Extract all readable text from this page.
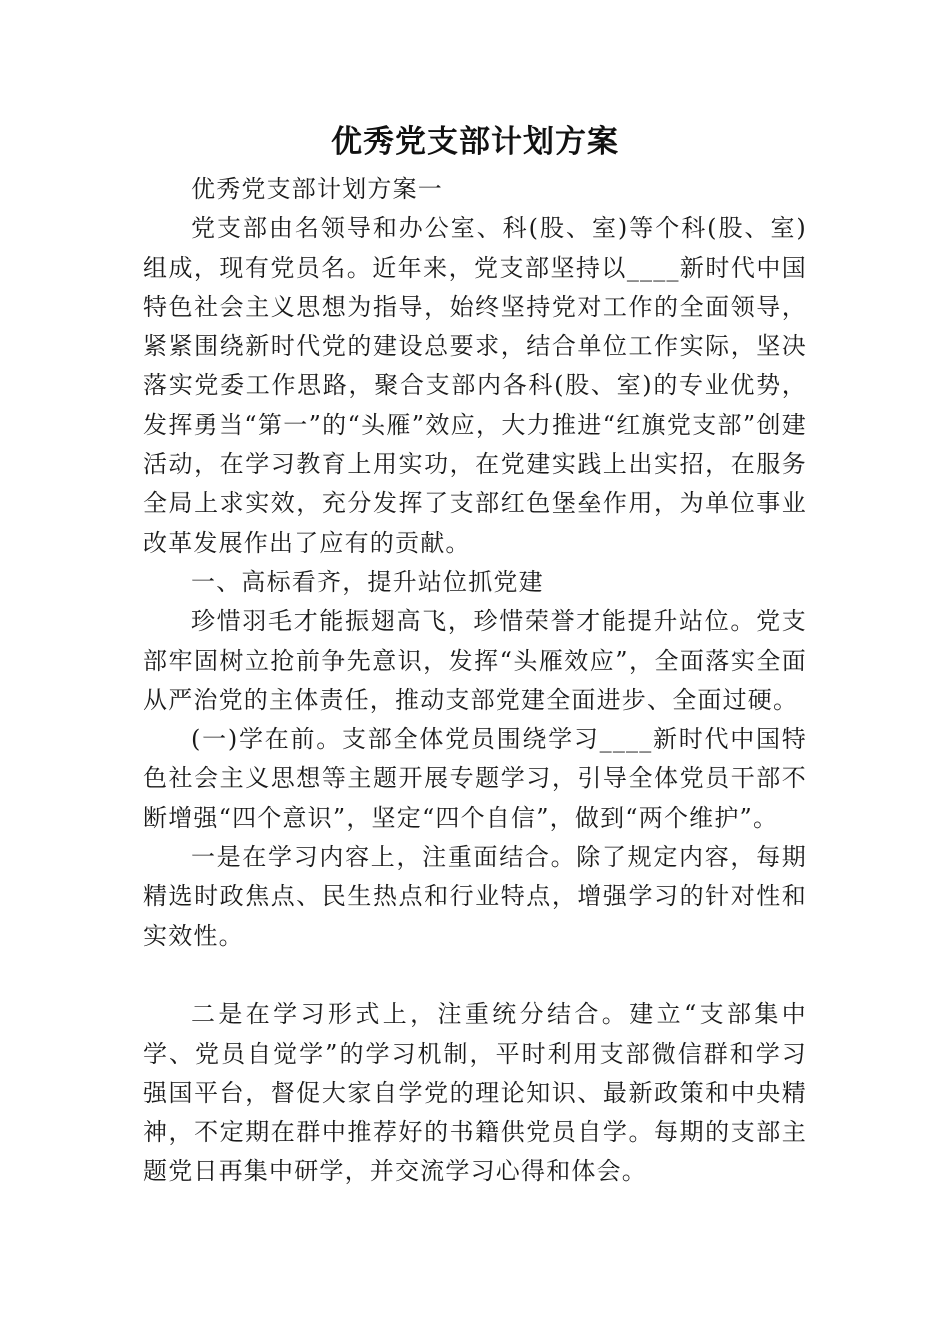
优秀党支部计划方案

优秀党支部计划方案一

党支部由名领导和办公室、科(股、室)等个科(股、室)组成，现有党员名。近年来，党支部坚持以____新时代中国特色社会主义思想为指导，始终坚持党对工作的全面领导，紧紧围绕新时代党的建设总要求，结合单位工作实际，坚决落实党委工作思路，聚合支部内各科(股、室)的专业优势，发挥勇当“第一”的“头雁”效应，大力推进“红旗党支部”创建活动，在学习教育上用实功，在党建实践上出实招，在服务全局上求实效，充分发挥了支部红色堡垒作用，为单位事业改革发展作出了应有的贡献。

一、高标看齐，提升站位抓党建

珍惜羽毛才能振翅高飞，珍惜荣誉才能提升站位。党支部牢固树立抢前争先意识，发挥“头雁效应”，全面落实全面从严治党的主体责任，推动支部党建全面进步、全面过硬。

(一)学在前。支部全体党员围绕学习____新时代中国特色社会主义思想等主题开展专题学习，引导全体党员干部不断增强“四个意识”，坚定“四个自信”，做到“两个维护”。

一是在学习内容上，注重面结合。除了规定内容，每期精选时政焦点、民生热点和行业特点，增强学习的针对性和实效性。

二是在学习形式上，注重统分结合。建立“支部集中学、党员自觉学”的学习机制，平时利用支部微信群和学习强国平台，督促大家自学党的理论知识、最新政策和中央精神，不定期在群中推荐好的书籍供党员自学。每期的支部主题党日再集中研学，并交流学习心得和体会。
